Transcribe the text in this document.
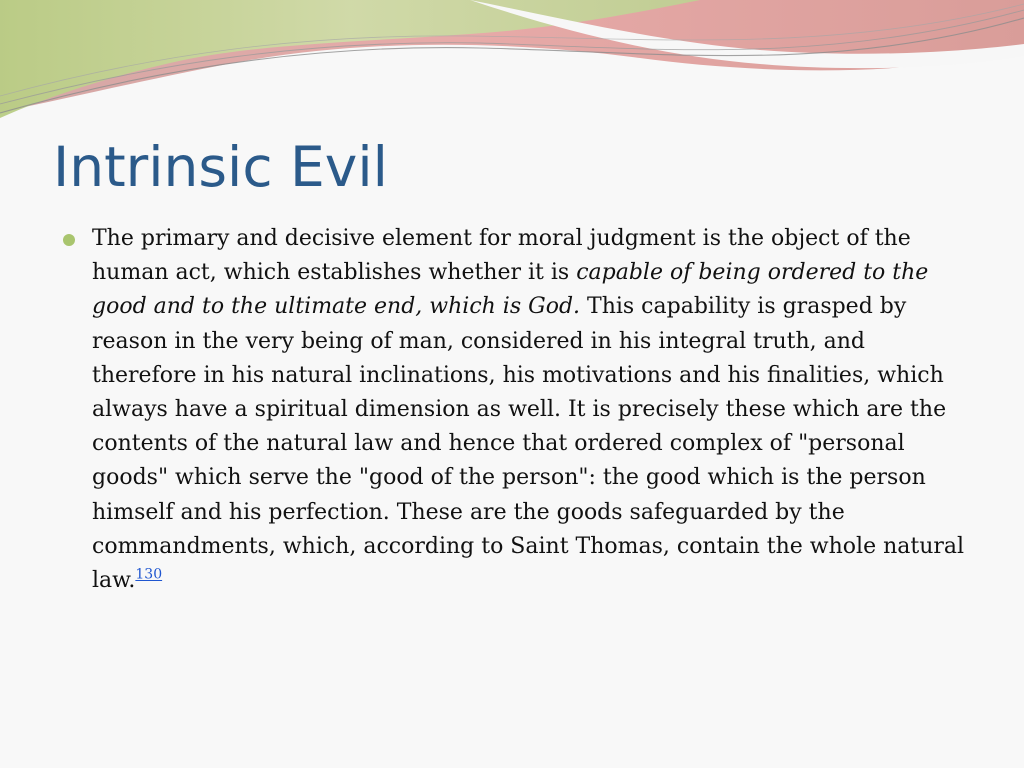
Intrinsic Evil

The primary and decisive element for moral judgment is the object of the human act, which establishes whether it is capable of being ordered to the good and to the ultimate end, which is God. This capability is grasped by reason in the very being of man, considered in his integral truth, and therefore in his natural inclinations, his motivations and his finalities, which always have a spiritual dimension as well. It is precisely these which are the contents of the natural law and hence that ordered complex of "personal goods" which serve the "good of the person": the good which is the person himself and his perfection. These are the goods safeguarded by the commandments, which, according to Saint Thomas, contain the whole natural law.$^{130}$
